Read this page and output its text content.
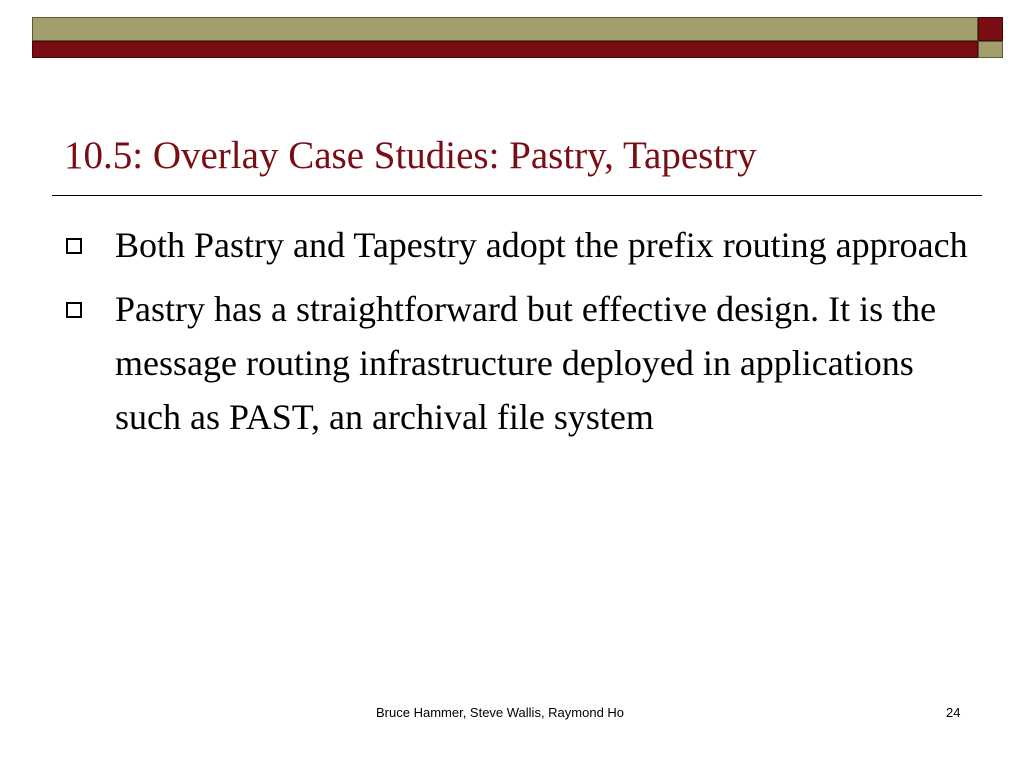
10.5: Overlay Case Studies: Pastry, Tapestry
Both Pastry and Tapestry adopt the prefix routing approach
Pastry has a straightforward but effective design. It is the message routing infrastructure deployed in applications such as PAST, an archival file system
Bruce Hammer, Steve Wallis, Raymond Ho	24
